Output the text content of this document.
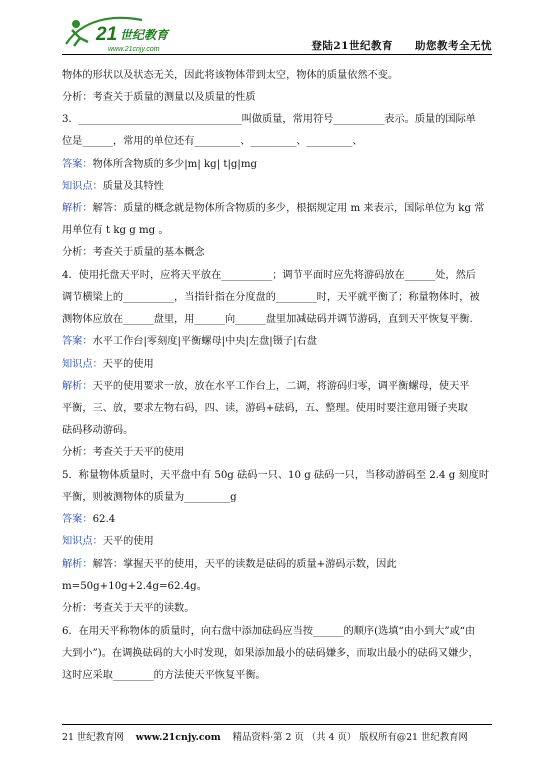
21 世纪教育
www.21cnjy.com	登陆21世纪教育　　助您教考全无忧
物体的形状以及状态无关，因此将该物体带到太空，物体的质量依然不变。
分析：考查关于质量的测量以及质量的性质
3．________________________________叫做质量，常用符号__________表示。质量的国际单
位是______，常用的单位还有_________、_________、_________、
答案：物体所含物质的多少|m| kg| t|g|mg
知识点：质量及其特性
解析：解答：质量的概念就是物体所含物质的多少，根据规定用 m 来表示，国际单位为 kg 常
用单位有 t kg g mg 。
分析：考查关于质量的基本概念
4．使用托盘天平时，应将天平放在__________；调节平面时应先将游码放在______处，然后
调节横梁上的__________，当指针指在分度盘的________时，天平就平衡了；称量物体时，被
测物体应放在______盘里，用______向______盘里加减砝码并调节游码，直到天平恢复平衡.
答案：水平工作台|零刻度|平衡螺母|中央|左盘|镊子|右盘
知识点：天平的使用
解析：天平的使用要求一放，放在水平工作台上，二调，将游码归零，调平衡螺母，使天平
平衡，三、放，要求左物右码，四、读，游码+砝码，五、整理。使用时要注意用镊子夹取
砝码移动游码。
分析：考查关于天平的使用
5．称量物体质量时，天平盘中有 50g 砝码一只、10 g 砝码一只，当移动游码至 2.4 g 刻度时
平衡，则被测物体的质量为_________g
答案：62.4
知识点：天平的使用
解析：解答：掌握天平的使用，天平的读数是砝码的质量+游码示数，因此
m=50g+10g+2.4g=62.4g。
分析：考查关于天平的读数。
6．在用天平称物体的质量时，向右盘中添加砝码应当按______的顺序(选填“由小到大”或“由
大到小”)。在调换砝码的大小时发现，如果添加最小的砝码嫌多，而取出最小的砝码又嫌少，
这时应采取________的方法使天平恢复平衡。
21 世纪教育网 www.21cnjy.com 精品资料·第 2 页 （共 4 页） 版权所有@21 世纪教育网
